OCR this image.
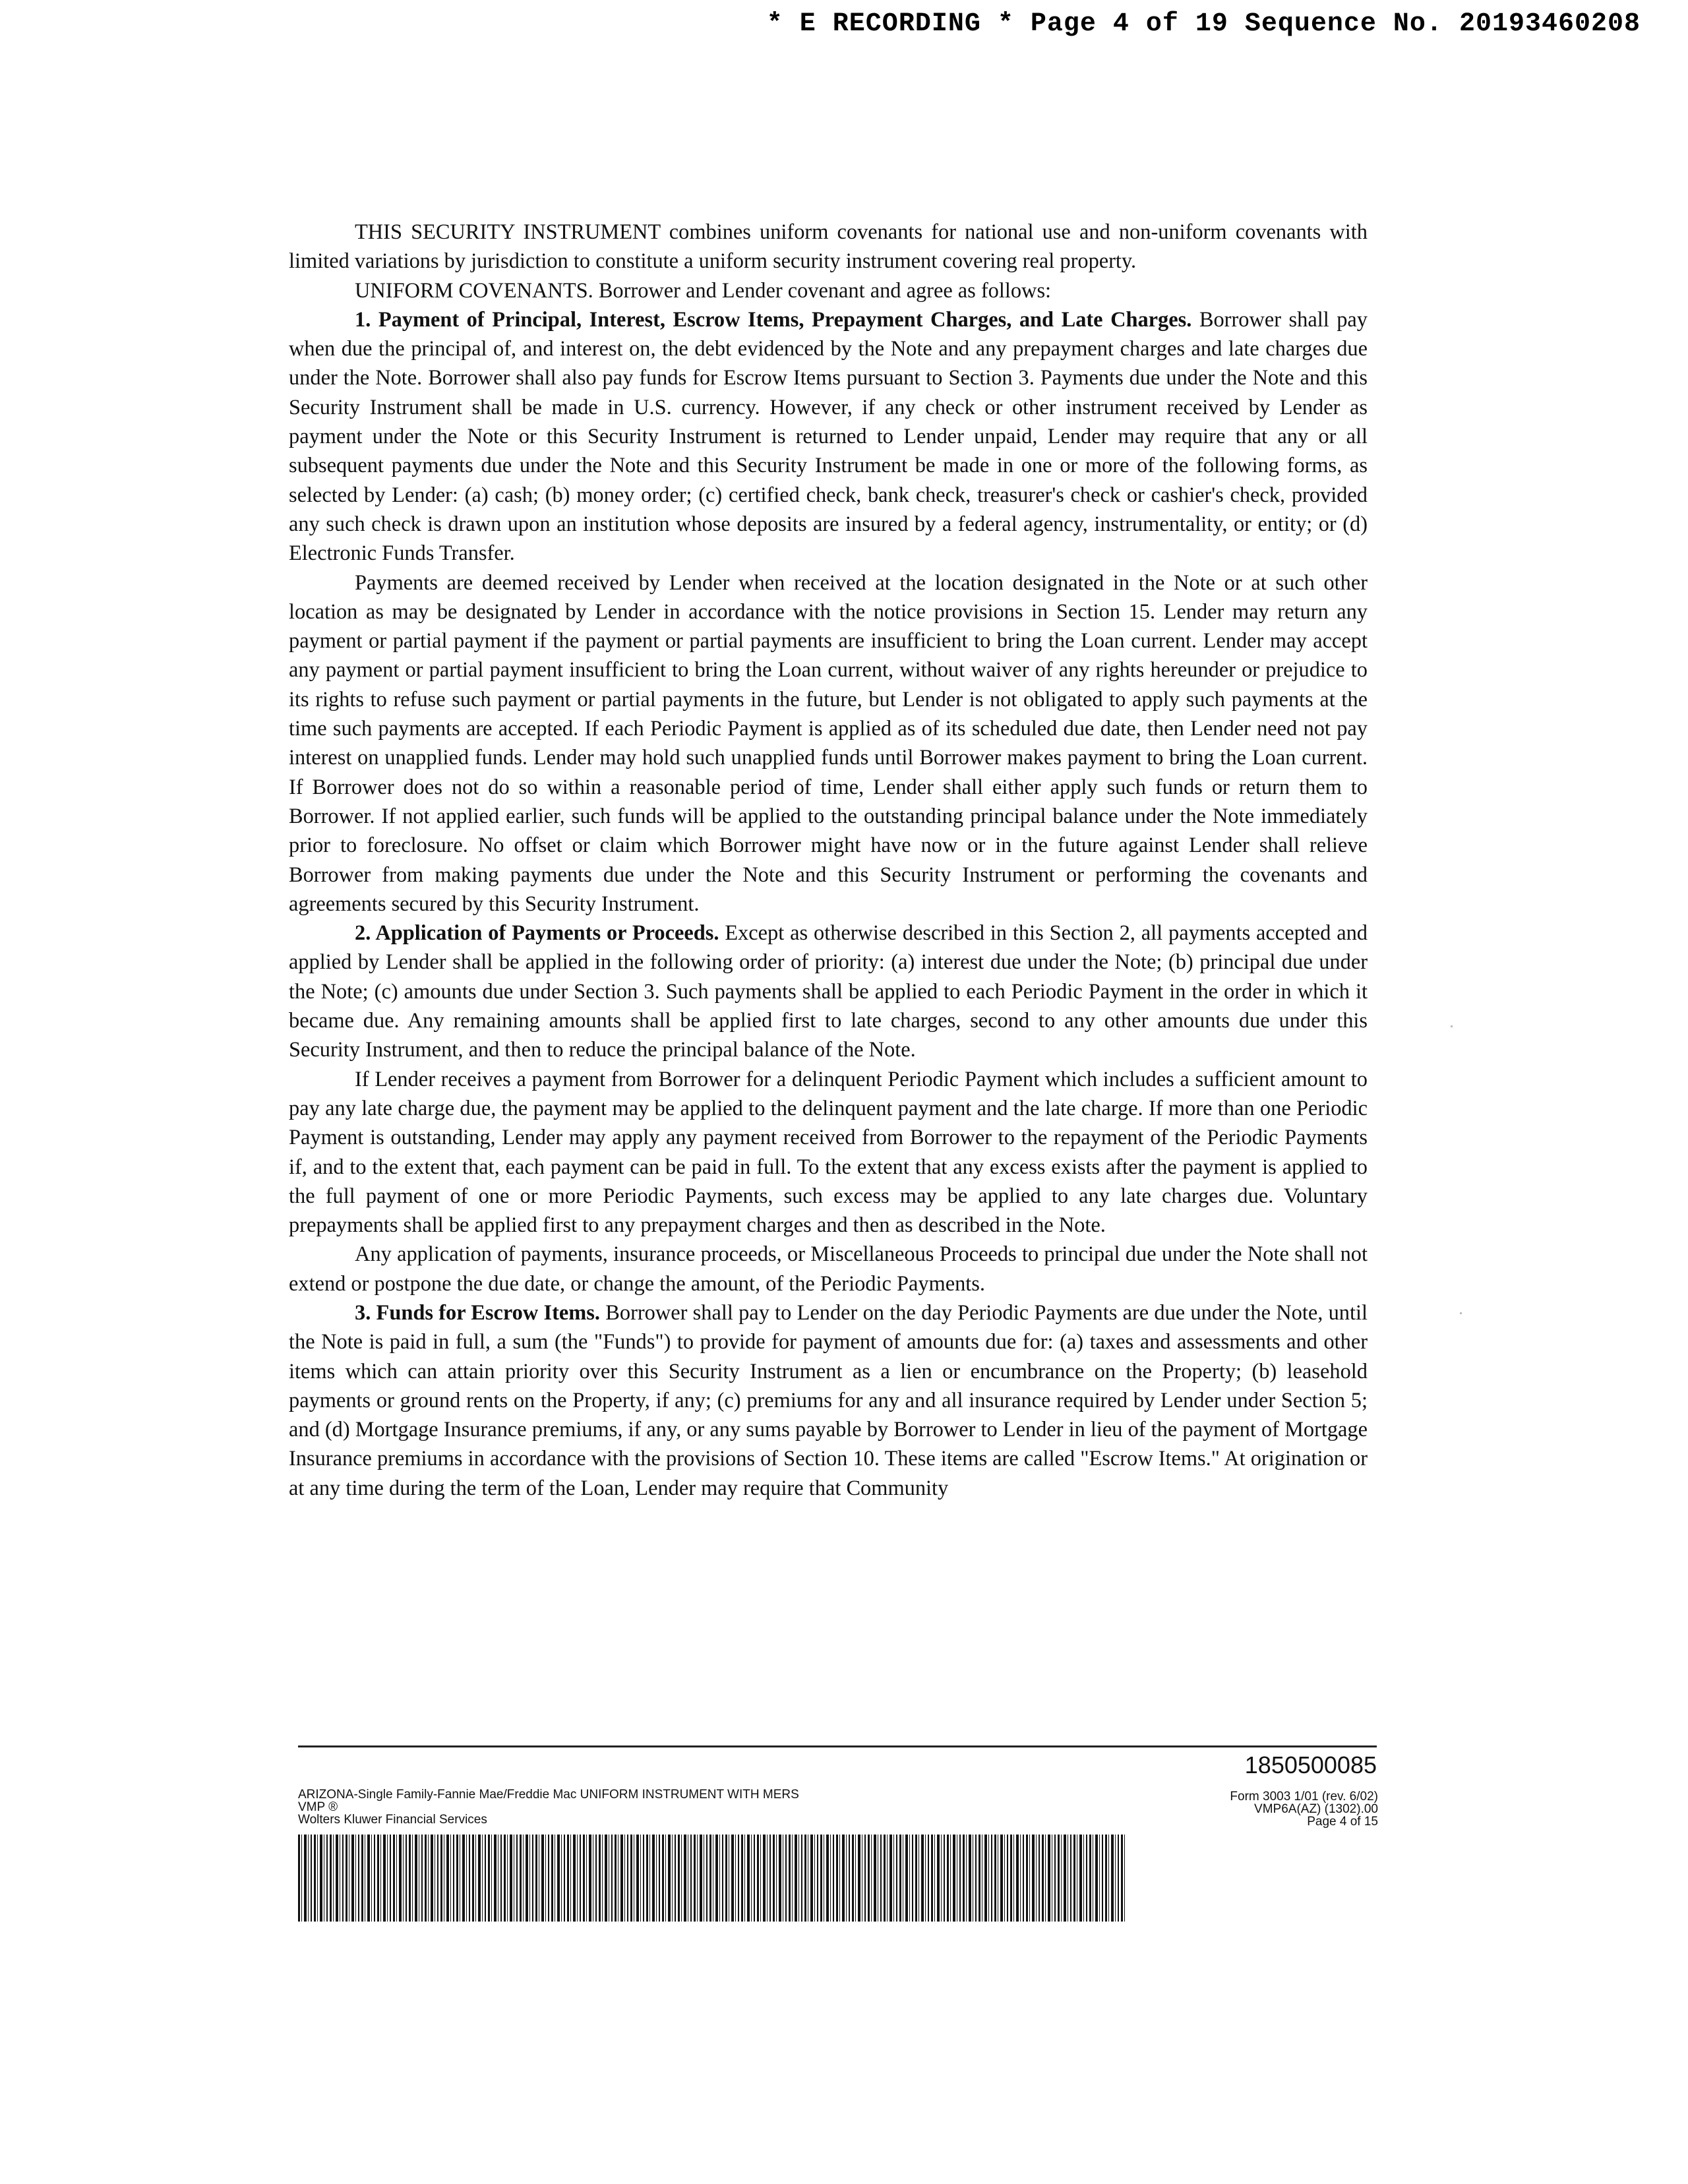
* E RECORDING * Page 4 of 19 Sequence No. 20193460208

THIS SECURITY INSTRUMENT combines uniform covenants for national use and non-uniform covenants with limited variations by jurisdiction to constitute a uniform security instrument covering real property.

UNIFORM COVENANTS. Borrower and Lender covenant and agree as follows:

1. Payment of Principal, Interest, Escrow Items, Prepayment Charges, and Late Charges. Borrower shall pay when due the principal of, and interest on, the debt evidenced by the Note and any prepayment charges and late charges due under the Note. Borrower shall also pay funds for Escrow Items pursuant to Section 3. Payments due under the Note and this Security Instrument shall be made in U.S. currency. However, if any check or other instrument received by Lender as payment under the Note or this Security Instrument is returned to Lender unpaid, Lender may require that any or all subsequent payments due under the Note and this Security Instrument be made in one or more of the following forms, as selected by Lender: (a) cash; (b) money order; (c) certified check, bank check, treasurer's check or cashier's check, provided any such check is drawn upon an institution whose deposits are insured by a federal agency, instrumentality, or entity; or (d) Electronic Funds Transfer.

Payments are deemed received by Lender when received at the location designated in the Note or at such other location as may be designated by Lender in accordance with the notice provisions in Section 15. Lender may return any payment or partial payment if the payment or partial payments are insufficient to bring the Loan current. Lender may accept any payment or partial payment insufficient to bring the Loan current, without waiver of any rights hereunder or prejudice to its rights to refuse such payment or partial payments in the future, but Lender is not obligated to apply such payments at the time such payments are accepted. If each Periodic Payment is applied as of its scheduled due date, then Lender need not pay interest on unapplied funds. Lender may hold such unapplied funds until Borrower makes payment to bring the Loan current. If Borrower does not do so within a reasonable period of time, Lender shall either apply such funds or return them to Borrower. If not applied earlier, such funds will be applied to the outstanding principal balance under the Note immediately prior to foreclosure. No offset or claim which Borrower might have now or in the future against Lender shall relieve Borrower from making payments due under the Note and this Security Instrument or performing the covenants and agreements secured by this Security Instrument.

2. Application of Payments or Proceeds. Except as otherwise described in this Section 2, all payments accepted and applied by Lender shall be applied in the following order of priority: (a) interest due under the Note; (b) principal due under the Note; (c) amounts due under Section 3. Such payments shall be applied to each Periodic Payment in the order in which it became due. Any remaining amounts shall be applied first to late charges, second to any other amounts due under this Security Instrument, and then to reduce the principal balance of the Note.

If Lender receives a payment from Borrower for a delinquent Periodic Payment which includes a sufficient amount to pay any late charge due, the payment may be applied to the delinquent payment and the late charge. If more than one Periodic Payment is outstanding, Lender may apply any payment received from Borrower to the repayment of the Periodic Payments if, and to the extent that, each payment can be paid in full. To the extent that any excess exists after the payment is applied to the full payment of one or more Periodic Payments, such excess may be applied to any late charges due. Voluntary prepayments shall be applied first to any prepayment charges and then as described in the Note.

Any application of payments, insurance proceeds, or Miscellaneous Proceeds to principal due under the Note shall not extend or postpone the due date, or change the amount, of the Periodic Payments.

3. Funds for Escrow Items. Borrower shall pay to Lender on the day Periodic Payments are due under the Note, until the Note is paid in full, a sum (the "Funds") to provide for payment of amounts due for: (a) taxes and assessments and other items which can attain priority over this Security Instrument as a lien or encumbrance on the Property; (b) leasehold payments or ground rents on the Property, if any; (c) premiums for any and all insurance required by Lender under Section 5; and (d) Mortgage Insurance premiums, if any, or any sums payable by Borrower to Lender in lieu of the payment of Mortgage Insurance premiums in accordance with the provisions of Section 10. These items are called "Escrow Items." At origination or at any time during the term of the Loan, Lender may require that Community

1850500085
ARIZONA-Single Family-Fannie Mae/Freddie Mac UNIFORM INSTRUMENT WITH MERS
VMP ®
Wolters Kluwer Financial Services
Form 3003 1/01 (rev. 6/02)
VMP6A(AZ) (1302).00
Page 4 of 15
